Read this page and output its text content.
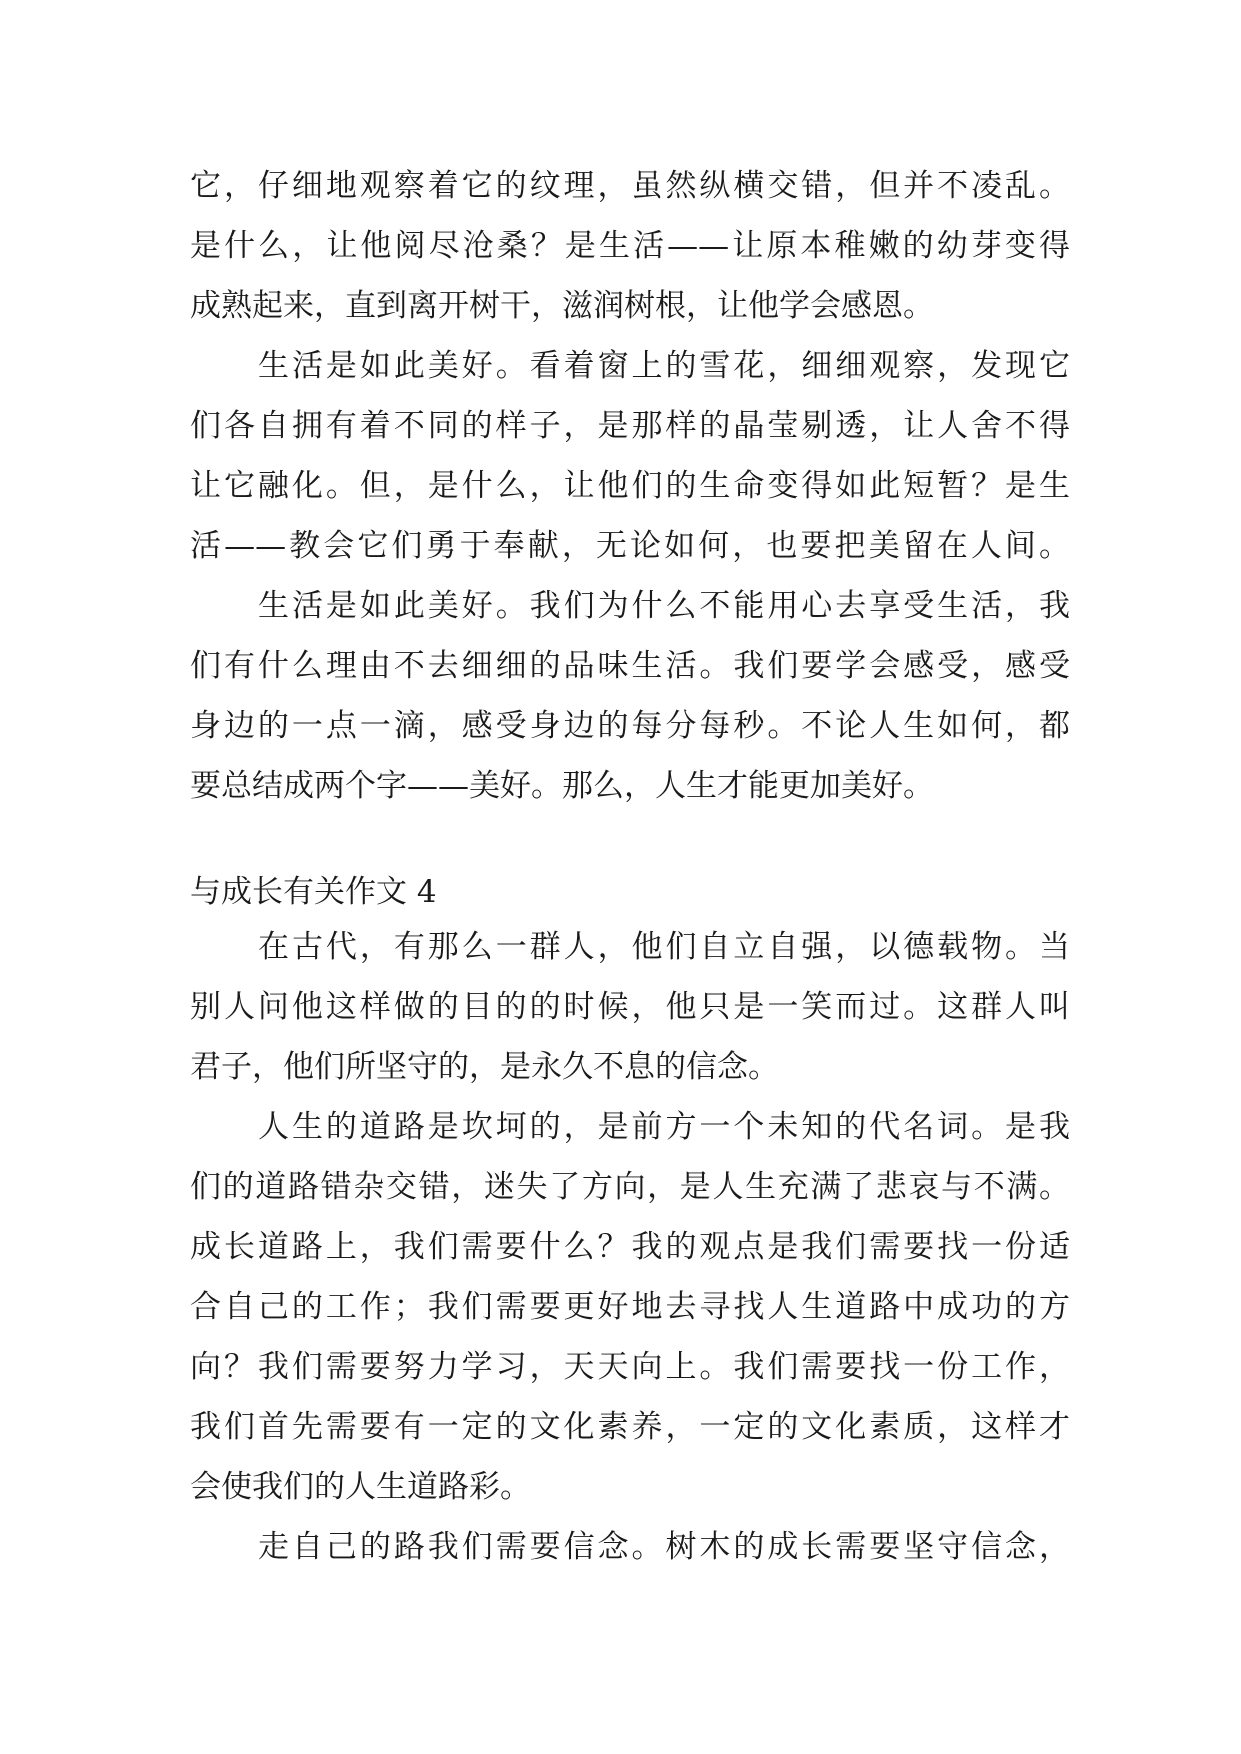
它，仔细地观察着它的纹理，虽然纵横交错，但并不凌乱。
是什么，让他阅尽沧桑？是生活——让原本稚嫩的幼芽变得
成熟起来，直到离开树干，滋润树根，让他学会感恩。
生活是如此美好。看着窗上的雪花，细细观察，发现它
们各自拥有着不同的样子，是那样的晶莹剔透，让人舍不得
让它融化。但，是什么，让他们的生命变得如此短暂？是生
活——教会它们勇于奉献，无论如何，也要把美留在人间。
生活是如此美好。我们为什么不能用心去享受生活，我
们有什么理由不去细细的品味生活。我们要学会感受，感受
身边的一点一滴，感受身边的每分每秒。不论人生如何，都
要总结成两个字——美好。那么，人生才能更加美好。
与成长有关作文 4
在古代，有那么一群人，他们自立自强，以德载物。当
别人问他这样做的目的的时候，他只是一笑而过。这群人叫
君子，他们所坚守的，是永久不息的信念。
人生的道路是坎坷的，是前方一个未知的代名词。是我
们的道路错杂交错，迷失了方向，是人生充满了悲哀与不满。
成长道路上，我们需要什么？我的观点是我们需要找一份适
合自己的工作；我们需要更好地去寻找人生道路中成功的方
向？我们需要努力学习，天天向上。我们需要找一份工作，
我们首先需要有一定的文化素养，一定的文化素质，这样才
会使我们的人生道路彩。
走自己的路我们需要信念。树木的成长需要坚守信念，
